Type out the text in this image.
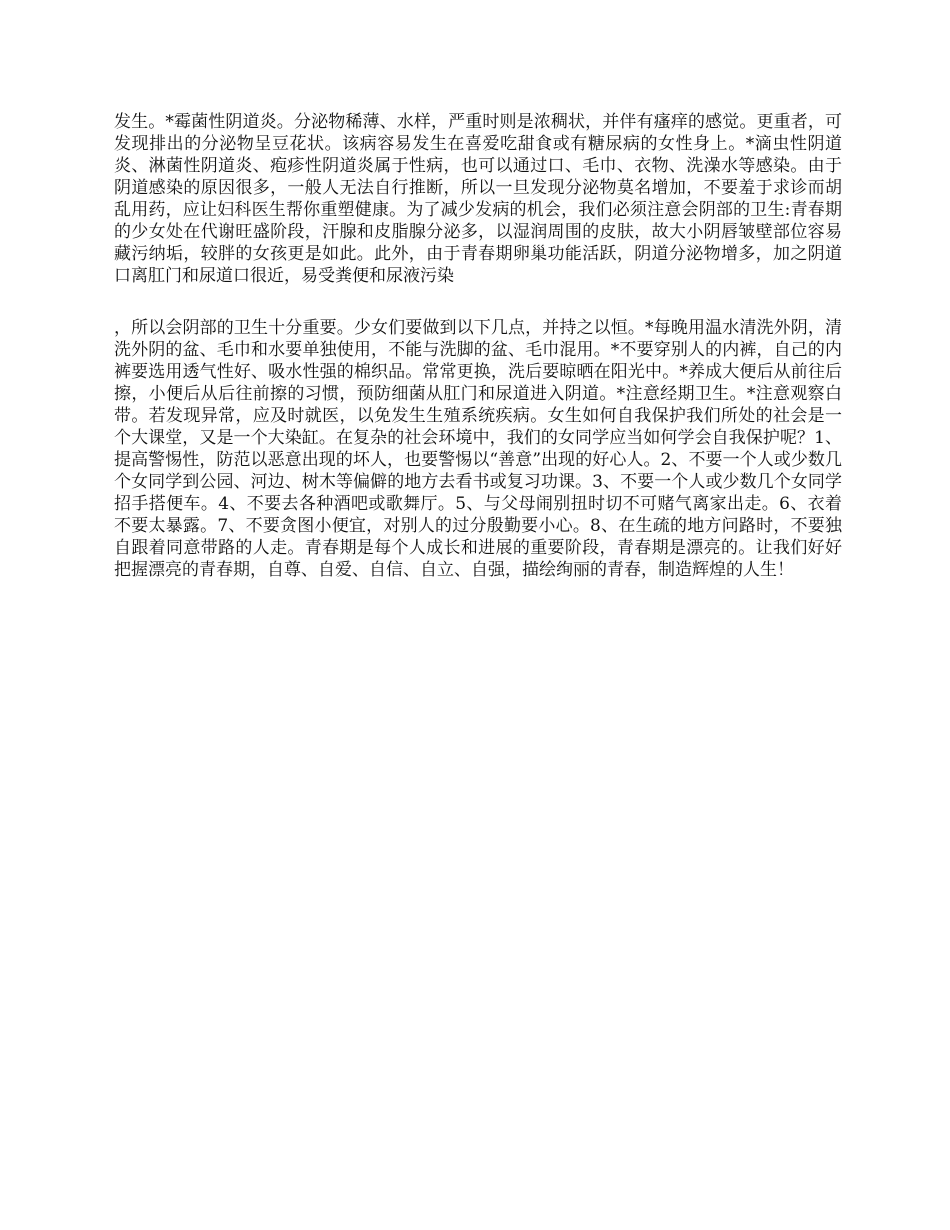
发生。*霉菌性阴道炎。分泌物稀薄、水样，严重时则是浓稠状，并伴有瘙痒的感觉。更重者，可发现排出的分泌物呈豆花状。该病容易发生在喜爱吃甜食或有糖尿病的女性身上。*滴虫性阴道炎、淋菌性阴道炎、疱疹性阴道炎属于性病，也可以通过口、毛巾、衣物、洗澡水等感染。由于阴道感染的原因很多，一般人无法自行推断，所以一旦发现分泌物莫名增加，不要羞于求诊而胡乱用药，应让妇科医生帮你重塑健康。为了减少发病的机会，我们必须注意会阴部的卫生:青春期的少女处在代谢旺盛阶段，汗腺和皮脂腺分泌多，以湿润周围的皮肤，故大小阴唇皱壁部位容易藏污纳垢，较胖的女孩更是如此。此外，由于青春期卵巢功能活跃，阴道分泌物增多，加之阴道口离肛门和尿道口很近，易受粪便和尿液污染

，所以会阴部的卫生十分重要。少女们要做到以下几点，并持之以恒。*每晚用温水清洗外阴，清洗外阴的盆、毛巾和水要单独使用，不能与洗脚的盆、毛巾混用。*不要穿别人的内裤，自己的内裤要选用透气性好、吸水性强的棉织品。常常更换，洗后要晾晒在阳光中。*养成大便后从前往后擦，小便后从后往前擦的习惯，预防细菌从肛门和尿道进入阴道。*注意经期卫生。*注意观察白带。若发现异常，应及时就医，以免发生生殖系统疾病。女生如何自我保护我们所处的社会是一个大课堂，又是一个大染缸。在复杂的社会环境中，我们的女同学应当如何学会自我保护呢？1、提高警惕性，防范以恶意出现的坏人，也要警惕以“善意”出现的好心人。2、不要一个人或少数几个女同学到公园、河边、树木等偏僻的地方去看书或复习功课。3、不要一个人或少数几个女同学招手搭便车。4、不要去各种酒吧或歌舞厅。5、与父母闹别扭时切不可赌气离家出走。6、衣着不要太暴露。7、不要贪图小便宜，对别人的过分殷勤要小心。8、在生疏的地方问路时，不要独自跟着同意带路的人走。青春期是每个人成长和进展的重要阶段，青春期是漂亮的。让我们好好把握漂亮的青春期，自尊、自爱、自信、自立、自强，描绘绚丽的青春，制造辉煌的人生！
